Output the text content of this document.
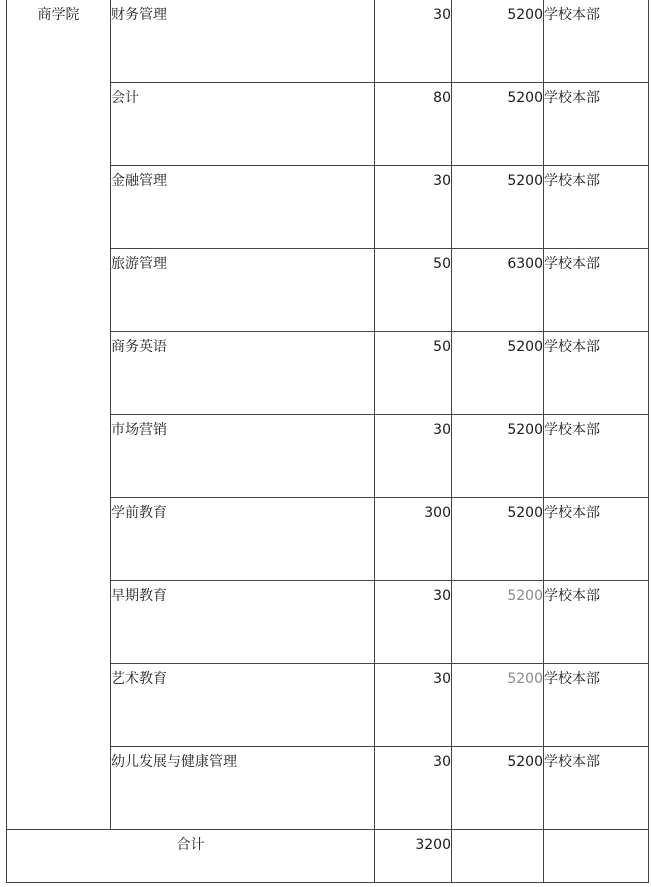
商学院	财务管理	30	5200	学校本部
	会计	80	5200	学校本部
	金融管理	30	5200	学校本部
	旅游管理	50	6300	学校本部
	商务英语	50	5200	学校本部
	市场营销	30	5200	学校本部
	学前教育	300	5200	学校本部
	早期教育	30	5200	学校本部
	艺术教育	30	5200	学校本部
	幼儿发展与健康管理	30	5200	学校本部
合计		3200		
